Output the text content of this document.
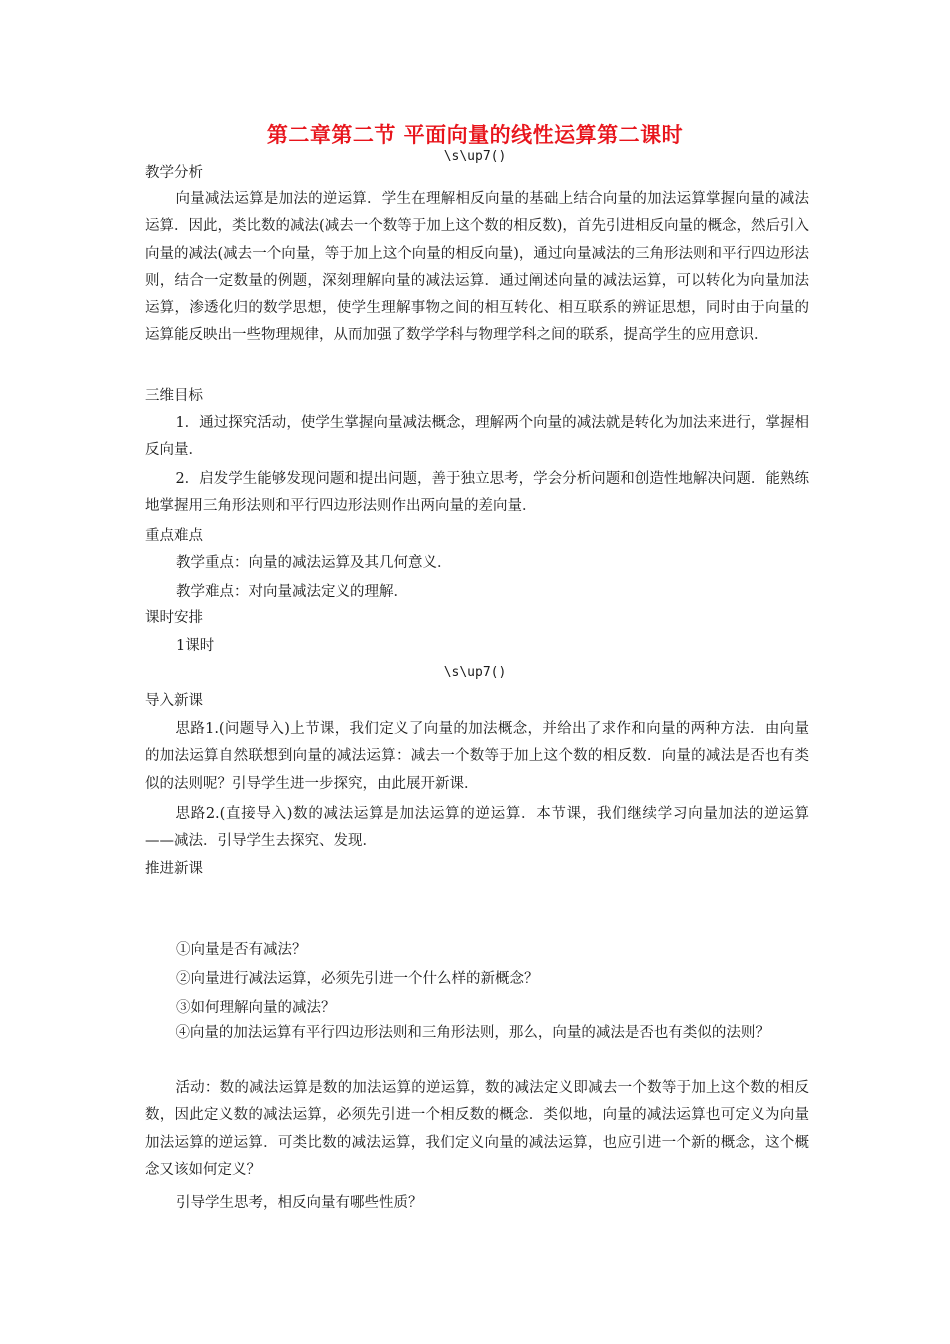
第二章第二节 平面向量的线性运算第二课时
\s\up7()
教学分析
向量减法运算是加法的逆运算．学生在理解相反向量的基础上结合向量的加法运算掌握向量的减法运算．因此，类比数的减法(减去一个数等于加上这个数的相反数)，首先引进相反向量的概念，然后引入向量的减法(减去一个向量，等于加上这个向量的相反向量)，通过向量减法的三角形法则和平行四边形法则，结合一定数量的例题，深刻理解向量的减法运算．通过阐述向量的减法运算，可以转化为向量加法运算，渗透化归的数学思想，使学生理解事物之间的相互转化、相互联系的辨证思想，同时由于向量的运算能反映出一些物理规律，从而加强了数学学科与物理学科之间的联系，提高学生的应用意识．
三维目标
1．通过探究活动，使学生掌握向量减法概念，理解两个向量的减法就是转化为加法来进行，掌握相反向量．
2．启发学生能够发现问题和提出问题，善于独立思考，学会分析问题和创造性地解决问题．能熟练地掌握用三角形法则和平行四边形法则作出两向量的差向量．
重点难点
教学重点：向量的减法运算及其几何意义．
教学难点：对向量减法定义的理解．
课时安排
1课时
\s\up7()
导入新课
思路1.(问题导入)上节课，我们定义了向量的加法概念，并给出了求作和向量的两种方法．由向量的加法运算自然联想到向量的减法运算：减去一个数等于加上这个数的相反数．向量的减法是否也有类似的法则呢？引导学生进一步探究，由此展开新课．
思路2.(直接导入)数的减法运算是加法运算的逆运算．本节课，我们继续学习向量加法的逆运算——减法．引导学生去探究、发现．
推进新课
①向量是否有减法？
②向量进行减法运算，必须先引进一个什么样的新概念？
③如何理解向量的减法？
④向量的加法运算有平行四边形法则和三角形法则，那么，向量的减法是否也有类似的法则？
活动：数的减法运算是数的加法运算的逆运算，数的减法定义即减去一个数等于加上这个数的相反数，因此定义数的减法运算，必须先引进一个相反数的概念．类似地，向量的减法运算也可定义为向量加法运算的逆运算．可类比数的减法运算，我们定义向量的减法运算，也应引进一个新的概念，这个概念又该如何定义？
引导学生思考，相反向量有哪些性质？
